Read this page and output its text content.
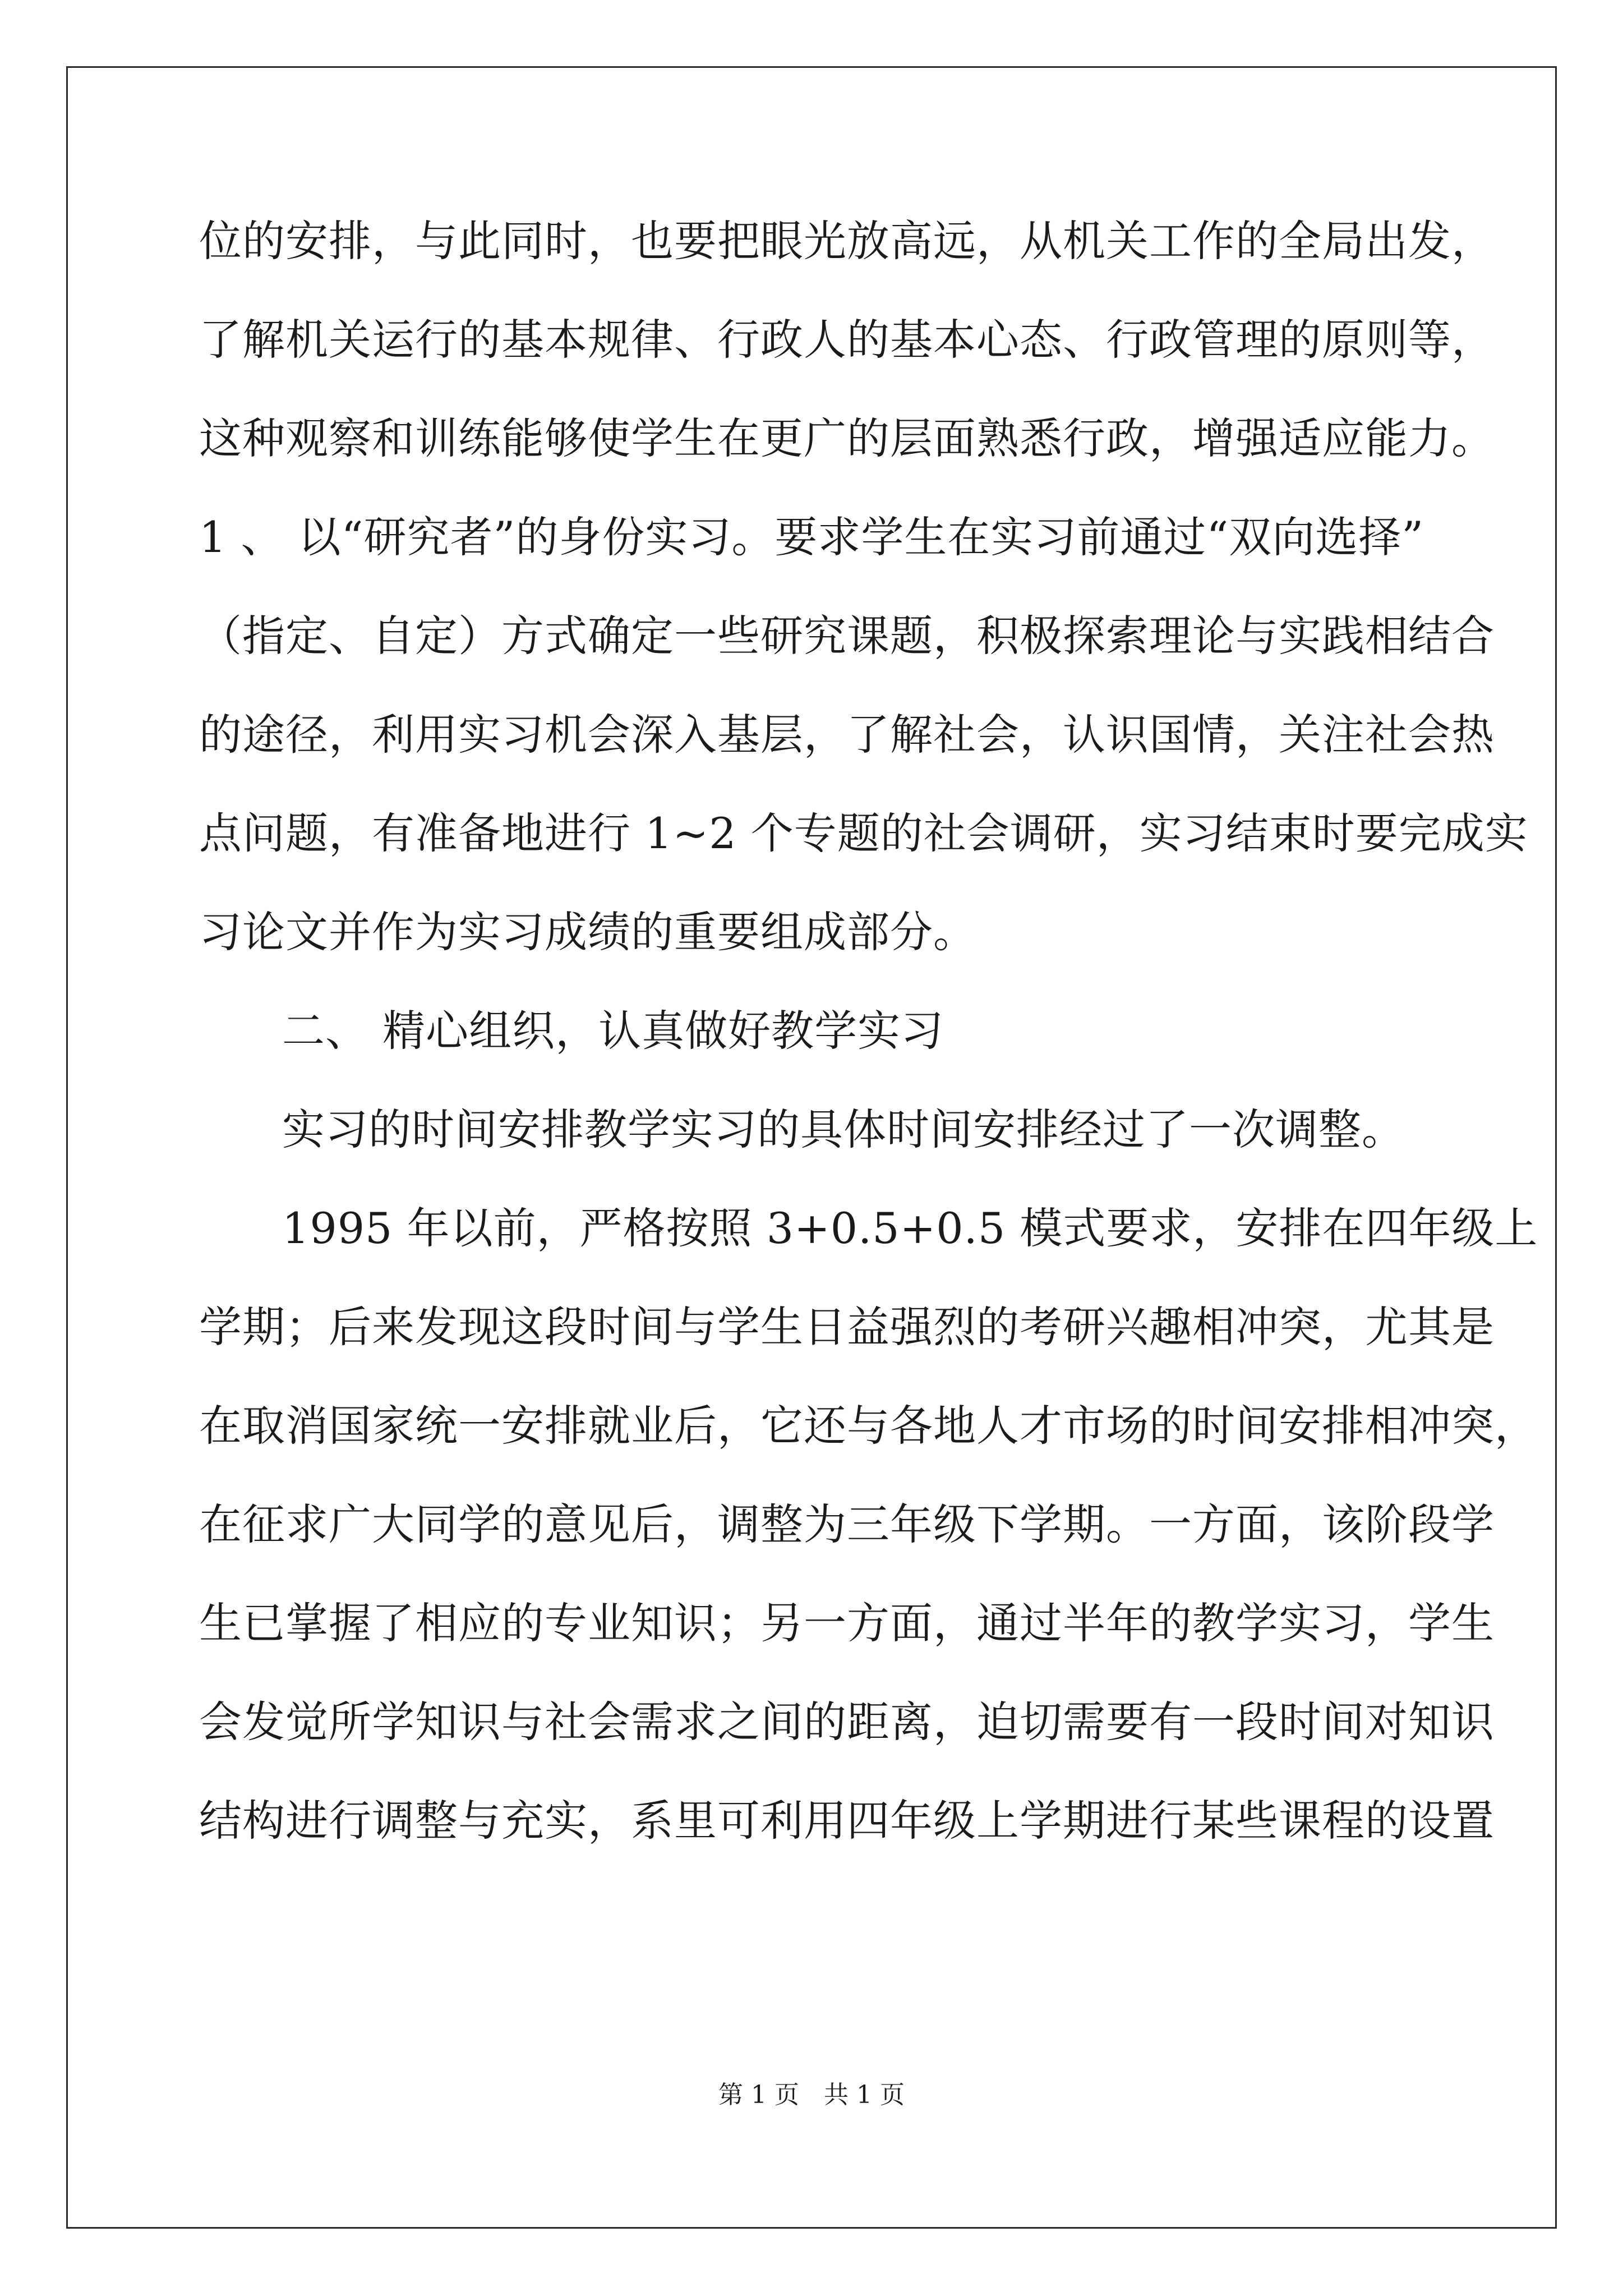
位的安排，与此同时，也要把眼光放高远，从机关工作的全局出发，
了解机关运行的基本规律、行政人的基本心态、行政管理的原则等，
这种观察和训练能够使学生在更广的层面熟悉行政，增强适应能力。
1 、 以“研究者”的身份实习。要求学生在实习前通过“双向选择”
（指定、自定）方式确定一些研究课题，积极探索理论与实践相结合
的途径，利用实习机会深入基层，了解社会，认识国情，关注社会热
点问题，有准备地进行 1~2 个专题的社会调研，实习结束时要完成实
习论文并作为实习成绩的重要组成部分。
二、 精心组织，认真做好教学实习
实习的时间安排教学实习的具体时间安排经过了一次调整。
1995 年以前，严格按照 3+0.5+0.5 模式要求，安排在四年级上
学期；后来发现这段时间与学生日益强烈的考研兴趣相冲突，尤其是
在取消国家统一安排就业后，它还与各地人才市场的时间安排相冲突，
在征求广大同学的意见后，调整为三年级下学期。一方面，该阶段学
生已掌握了相应的专业知识；另一方面，通过半年的教学实习，学生
会发觉所学知识与社会需求之间的距离，迫切需要有一段时间对知识
结构进行调整与充实，系里可利用四年级上学期进行某些课程的设置
第 1 页　共 1 页
